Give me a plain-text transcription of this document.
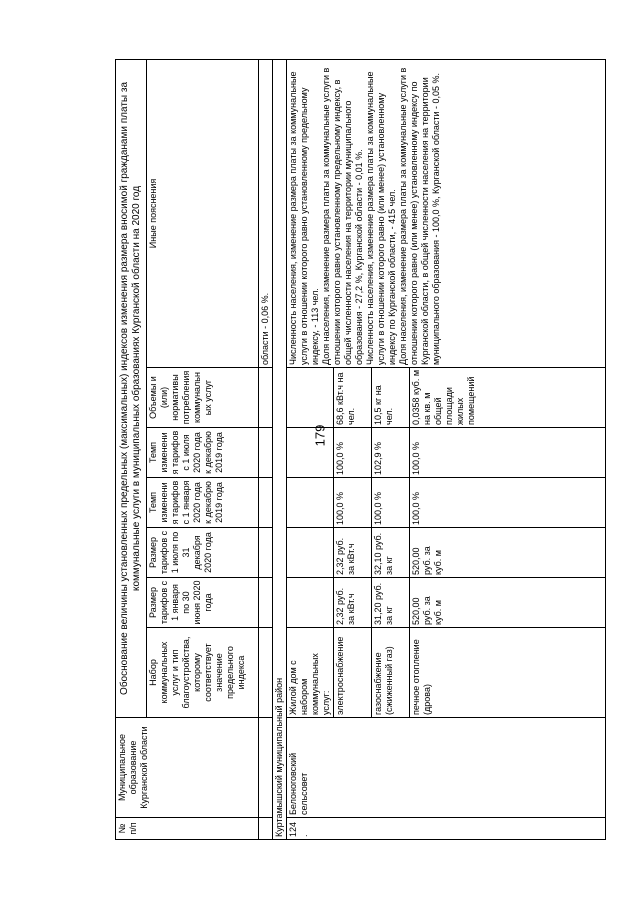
179
№ п/п	Муниципальное образование Курганской области	Обоснование величины установленных предельных (максимальных) индексов изменения размера вносимой гражданами платы за коммунальные услуги в муниципальных образованиях Курганской области на 2020 год						
		Набор коммунальных услуг и тип благоустройства, которому соответствует значение предельного индекса	Размер тарифов с 1 января по 30 июня 2020 года	Размер тарифов с 1 июля по 31 декабря 2020 года	Темп изменения тарифов с 1 января 2020 года к декабрю 2019 года	Темп изменения тарифов с 1 июля 2020 года к декабрю 2019 года	Объемы и (или) нормативы потребления коммунальных услуг	Иные пояснения
								области - 0,06 %.
Куртамышский муниципальный район								
124.	Белоноговский сельсовет	Жилой дом с набором коммунальных услуг:						Численность населения, изменение размера платы за коммунальные услуги в отношении которого равно установленному предельному индексу, - 113 чел.
Доля населения, изменение размера платы за коммунальные услуги в отношении которого равно установленному предельному индексу, в общей численности населения на территории муниципального образования - 27,2 %, Курганской области - 0,01 %.
Численность населения, изменение размера платы за коммунальные услуги в отношении которого равно (или менее) установленному индексу по Курганской области, - 415 чел.
Доля населения, изменение размера платы за коммунальные услуги в отношении которого равно (или менее) установленному индексу по Курганской области, в общей численности населения на территории муниципального образования - 100,0 %, Курганской области - 0,05 %.
		электроснабжение	2,32 руб. за кВт.ч	2,32 руб. за кВт.ч	100,0 %	100,0 %	68,6 кВт.ч на чел.	
		газоснабжение (сжиженный газ)	31,20 руб. за кг	32,10 руб. за кг	100,0 %	102,9 %	10,5 кг на чел.	
		печное отопление (дрова)	520,00 руб. за куб. м	520,00 руб. за куб. м	100,0 %	100,0 %	0,0358 куб. м на кв. м общей площади жилых помещений	
